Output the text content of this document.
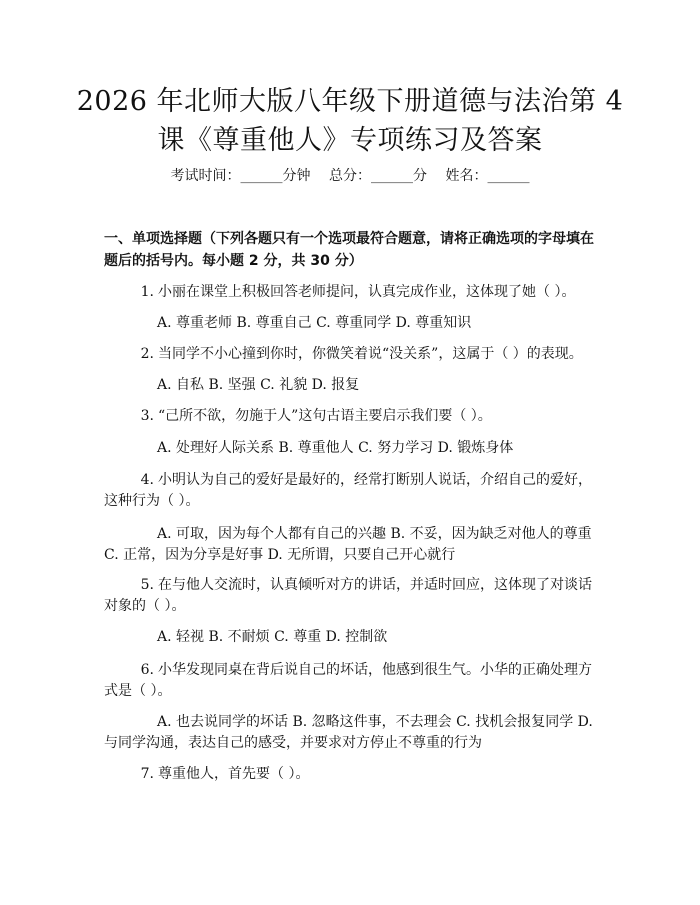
2026 年北师大版八年级下册道德与法治第 4
课《尊重他人》专项练习及答案
考试时间：______分钟 总分：______分 姓名：______
一、单项选择题（下列各题只有一个选项最符合题意，请将正确选项的字母填在题后的括号内。每小题 2 分，共 30 分）
1. 小丽在课堂上积极回答老师提问，认真完成作业，这体现了她（ ）。
A. 尊重老师 B. 尊重自己 C. 尊重同学 D. 尊重知识
2. 当同学不小心撞到你时，你微笑着说“没关系”，这属于（ ）的表现。
A. 自私 B. 坚强 C. 礼貌 D. 报复
3. “己所不欲，勿施于人”这句古语主要启示我们要（ ）。
A. 处理好人际关系 B. 尊重他人 C. 努力学习 D. 锻炼身体
4. 小明认为自己的爱好是最好的，经常打断别人说话，介绍自己的爱好，这种行为（ ）。
A. 可取，因为每个人都有自己的兴趣 B. 不妥，因为缺乏对他人的尊重 C. 正常，因为分享是好事 D. 无所谓，只要自己开心就行
5. 在与他人交流时，认真倾听对方的讲话，并适时回应，这体现了对谈话对象的（ ）。
A. 轻视 B. 不耐烦 C. 尊重 D. 控制欲
6. 小华发现同桌在背后说自己的坏话，他感到很生气。小华的正确处理方式是（ ）。
A. 也去说同学的坏话 B. 忽略这件事，不去理会 C. 找机会报复同学 D. 与同学沟通，表达自己的感受，并要求对方停止不尊重的行为
7. 尊重他人，首先要（ ）。
